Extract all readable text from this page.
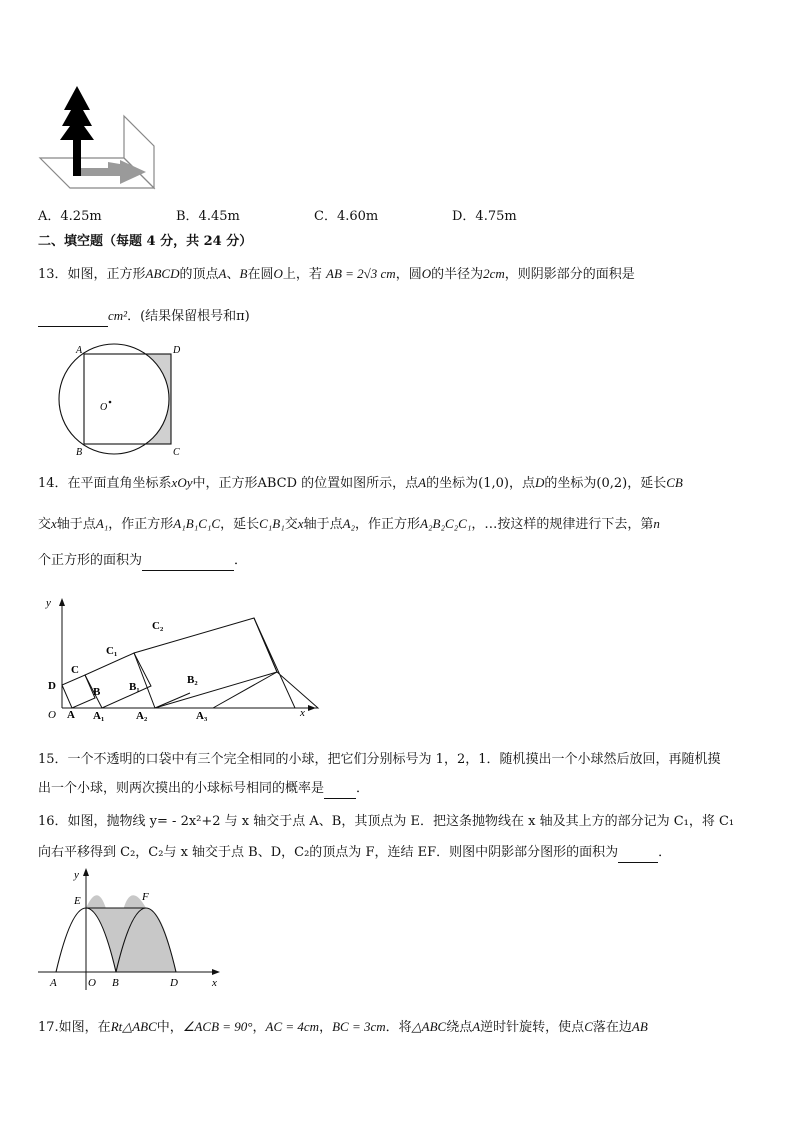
A．4.25m	B．4.45m	C．4.60m	D．4.75m
二、填空题（每题 4 分，共 24 分）
13．如图，正方形ABCD的顶点A、B在圆O上，若 AB = 2√3 cm，圆O的半径为2cm，则阴影部分的面积是
cm²．(结果保留根号和π)
A	D
B	C
O
14．在平面直角坐标系xOy中，正方形ABCD 的位置如图所示，点A的坐标为(1,0)，点D的坐标为(0,2)，延长CB
交x轴于点A₁，作正方形A₁B₁C₁C，延长C₁B₁交x轴于点A₂，作正方形A₂B₂C₂C₁，…按这样的规律进行下去，第n
个正方形的面积为	．
y
x
O A A₁	A₂	A₃
D	B
C
B₁
C₁
B₂
C₂
15．一个不透明的口袋中有三个完全相同的小球，把它们分别标号为 1，2，1．随机摸出一个小球然后放回，再随机摸
出一个小球，则两次摸出的小球标号相同的概率是 ．
16．如图，抛物线 y= - 2x²+2 与 x 轴交于点 A、B，其顶点为 E．把这条抛物线在 x 轴及其上方的部分记为 C₁，将 C₁
向右平移得到 C₂，C₂与 x 轴交于点 B、D，C₂的顶点为 F，连结 EF．则图中阴影部分图形的面积为	．
y
E	F
A	O B	D	x
17.如图，在Rt△ABC中，∠ACB = 90°，AC = 4cm，BC = 3cm．将△ABC绕点A逆时针旋转，使点C落在边AB
